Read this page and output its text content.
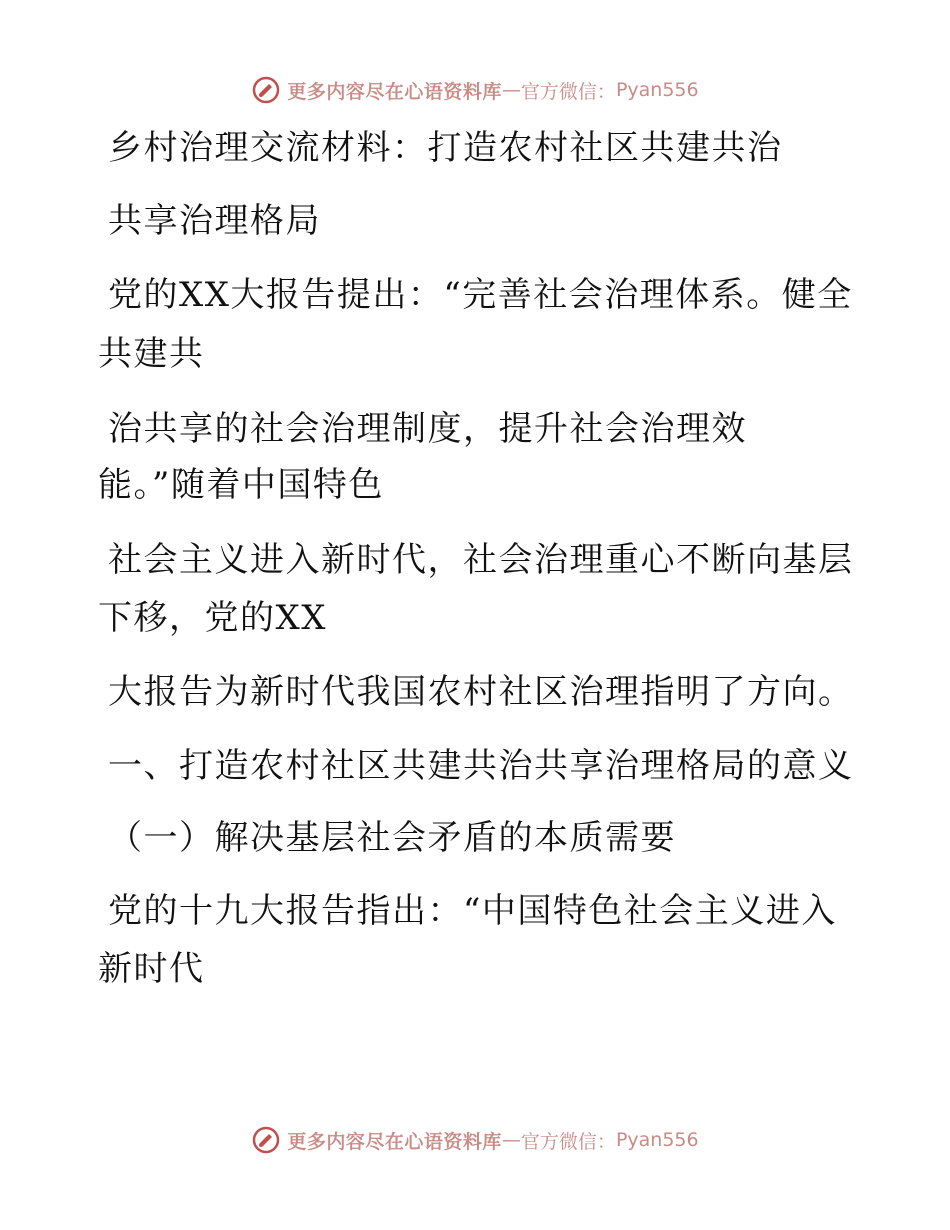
更多内容尽在心语资料库 — 官方微信： Pyan556
乡村治理交流材料：打造农村社区共建共治
共享治理格局
党的XX大报告提出：“完善社会治理体系。健全
共建共
治共享的社会治理制度，提升社会治理效
能。”随着中国特色
社会主义进入新时代，社会治理重心不断向基层
下移，党的XX
大报告为新时代我国农村社区治理指明了方向。
一、打造农村社区共建共治共享治理格局的意义
（一）解决基层社会矛盾的本质需要
党的十九大报告指出：“中国特色社会主义进入
新时代
更多内容尽在心语资料库 — 官方微信： Pyan556
